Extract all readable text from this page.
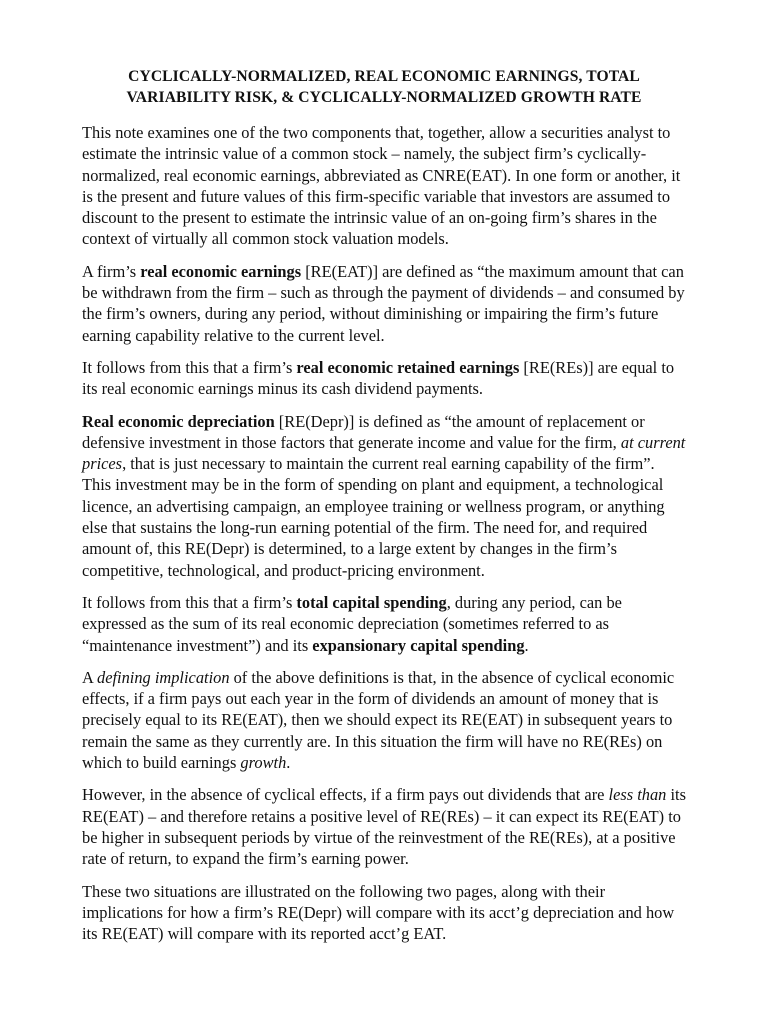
CYCLICALLY-NORMALIZED, REAL ECONOMIC EARNINGS, TOTAL
VARIABILITY RISK, & CYCLICALLY-NORMALIZED GROWTH RATE

This note examines one of the two components that, together, allow a securities analyst to estimate the intrinsic value of a common stock – namely, the subject firm’s cyclically-normalized, real economic earnings, abbreviated as CNRE(EAT). In one form or another, it is the present and future values of this firm-specific variable that investors are assumed to discount to the present to estimate the intrinsic value of an on-going firm’s shares in the context of virtually all common stock valuation models.

A firm’s real economic earnings [RE(EAT)] are defined as “the maximum amount that can be withdrawn from the firm – such as through the payment of dividends – and consumed by the firm’s owners, during any period, without diminishing or impairing the firm’s future earning capability relative to the current level.

It follows from this that a firm’s real economic retained earnings [RE(REs)] are equal to its real economic earnings minus its cash dividend payments.

Real economic depreciation [RE(Depr)] is defined as “the amount of replacement or defensive investment in those factors that generate income and value for the firm, at current prices, that is just necessary to maintain the current real earning capability of the firm”. This investment may be in the form of spending on plant and equipment, a technological licence, an advertising campaign, an employee training or wellness program, or anything else that sustains the long-run earning potential of the firm. The need for, and required amount of, this RE(Depr) is determined, to a large extent by changes in the firm’s competitive, technological, and product-pricing environment.

It follows from this that a firm’s total capital spending, during any period, can be expressed as the sum of its real economic depreciation (sometimes referred to as “maintenance investment”) and its expansionary capital spending.

A defining implication of the above definitions is that, in the absence of cyclical economic effects, if a firm pays out each year in the form of dividends an amount of money that is precisely equal to its RE(EAT), then we should expect its RE(EAT) in subsequent years to remain the same as they currently are. In this situation the firm will have no RE(REs) on which to build earnings growth.

However, in the absence of cyclical effects, if a firm pays out dividends that are less than its RE(EAT) – and therefore retains a positive level of RE(REs) – it can expect its RE(EAT) to be higher in subsequent periods by virtue of the reinvestment of the RE(REs), at a positive rate of return, to expand the firm’s earning power.

These two situations are illustrated on the following two pages, along with their implications for how a firm’s RE(Depr) will compare with its acct’g depreciation and how its RE(EAT) will compare with its reported acct’g EAT.
